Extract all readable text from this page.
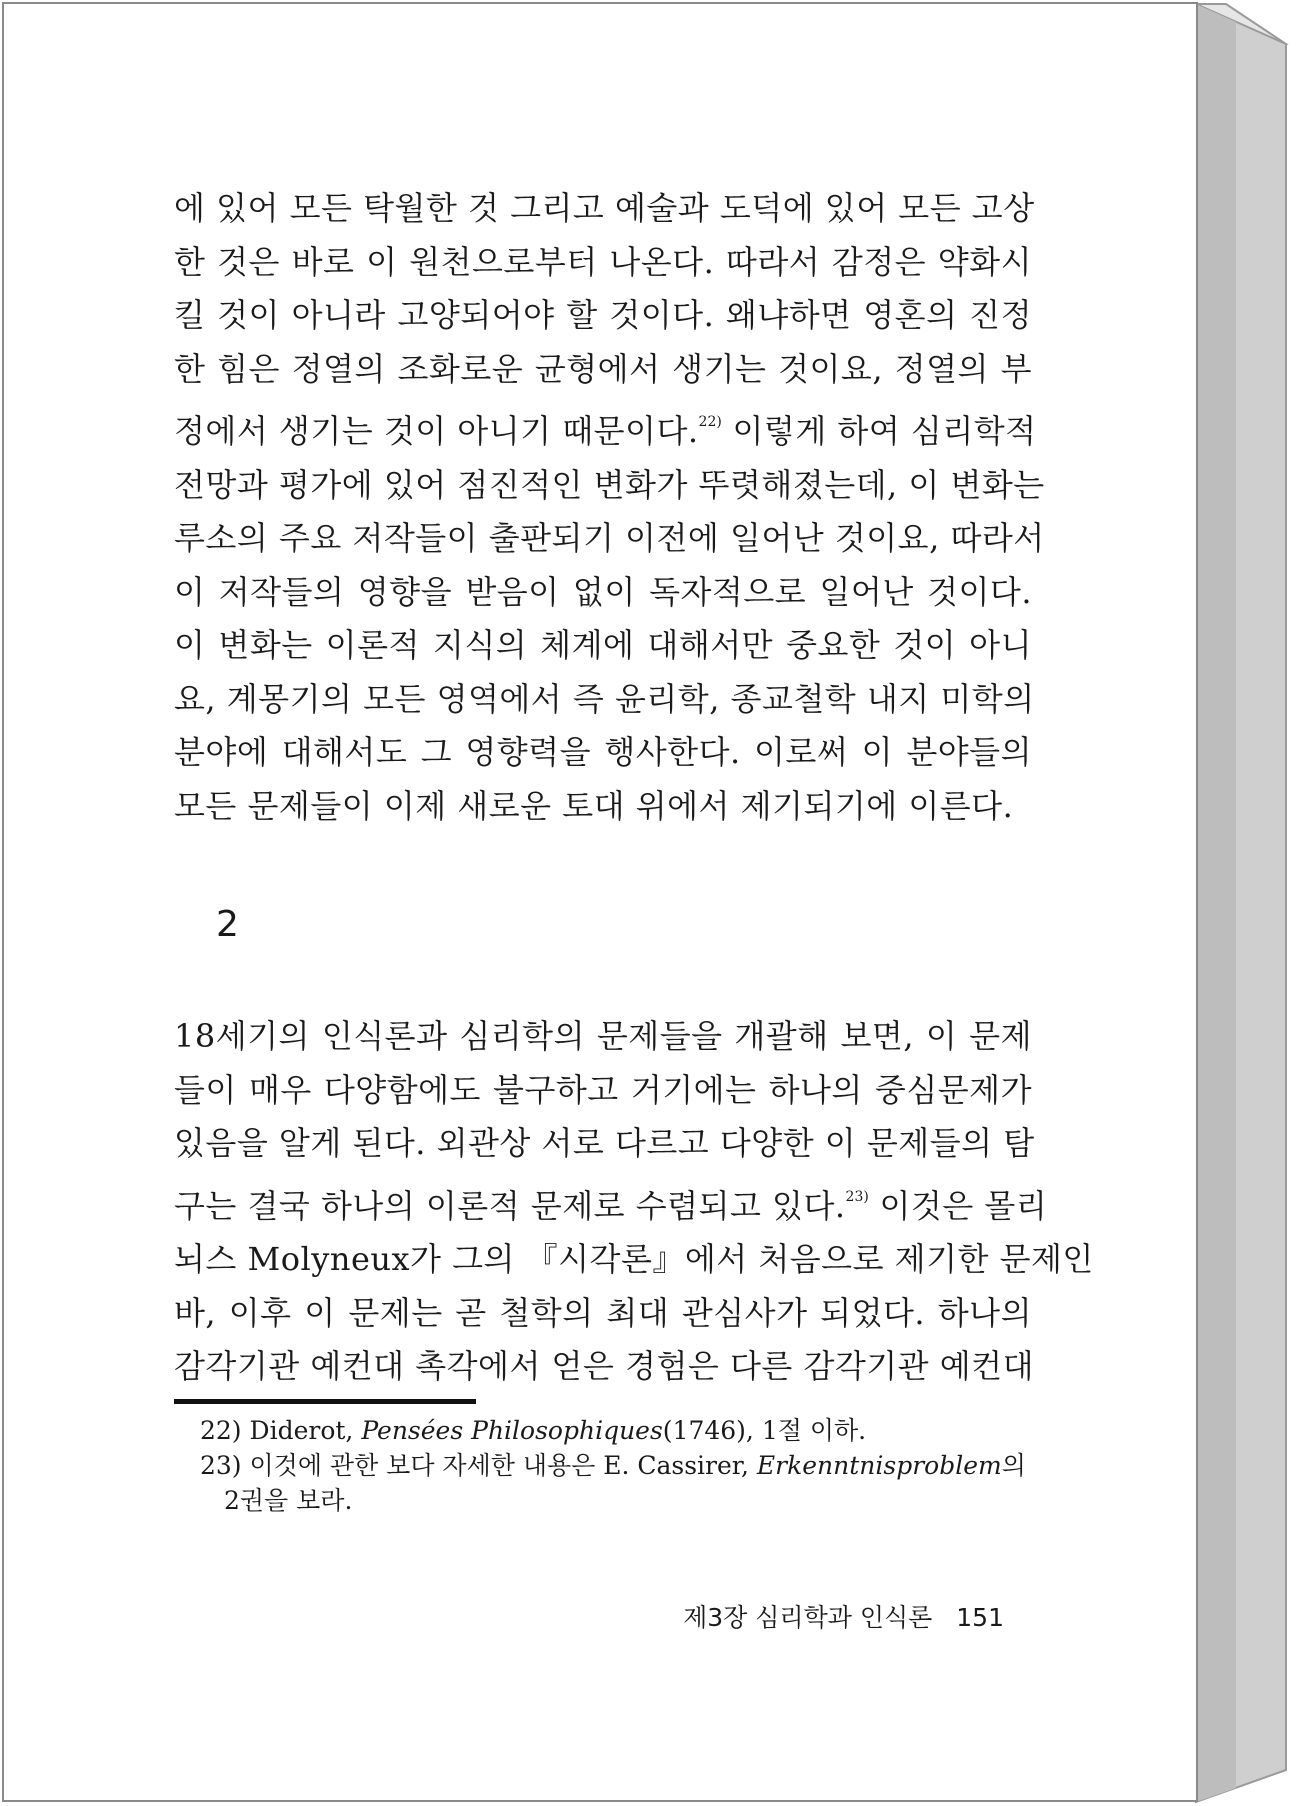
에 있어 모든 탁월한 것 그리고 예술과 도덕에 있어 모든 고상
한 것은 바로 이 원천으로부터 나온다. 따라서 감정은 약화시
킬 것이 아니라 고양되어야 할 것이다. 왜냐하면 영혼의 진정
한 힘은 정열의 조화로운 균형에서 생기는 것이요, 정열의 부
정에서 생기는 것이 아니기 때문이다.$^{22)}$ 이렇게 하여 심리학적
전망과 평가에 있어 점진적인 변화가 뚜렷해졌는데, 이 변화는
루소의 주요 저작들이 출판되기 이전에 일어난 것이요, 따라서
이 저작들의 영향을 받음이 없이 독자적으로 일어난 것이다.
이 변화는 이론적 지식의 체계에 대해서만 중요한 것이 아니
요, 계몽기의 모든 영역에서 즉 윤리학, 종교철학 내지 미학의
분야에 대해서도 그 영향력을 행사한다. 이로써 이 분야들의
모든 문제들이 이제 새로운 토대 위에서 제기되기에 이른다.
2
18세기의 인식론과 심리학의 문제들을 개괄해 보면, 이 문제
들이 매우 다양함에도 불구하고 거기에는 하나의 중심문제가
있음을 알게 된다. 외관상 서로 다르고 다양한 이 문제들의 탐
구는 결국 하나의 이론적 문제로 수렴되고 있다.$^{23)}$ 이것은 몰리
뇌스 Molyneux가 그의 『시각론』에서 처음으로 제기한 문제인
바, 이후 이 문제는 곧 철학의 최대 관심사가 되었다. 하나의
감각기관 예컨대 촉각에서 얻은 경험은 다른 감각기관 예컨대
22) Diderot, Pensées Philosophiques(1746), 1절 이하.
23) 이것에 관한 보다 자세한 내용은 E. Cassirer, Erkenntnisproblem의
2권을 보라.
제3장 심리학과 인식론 151
